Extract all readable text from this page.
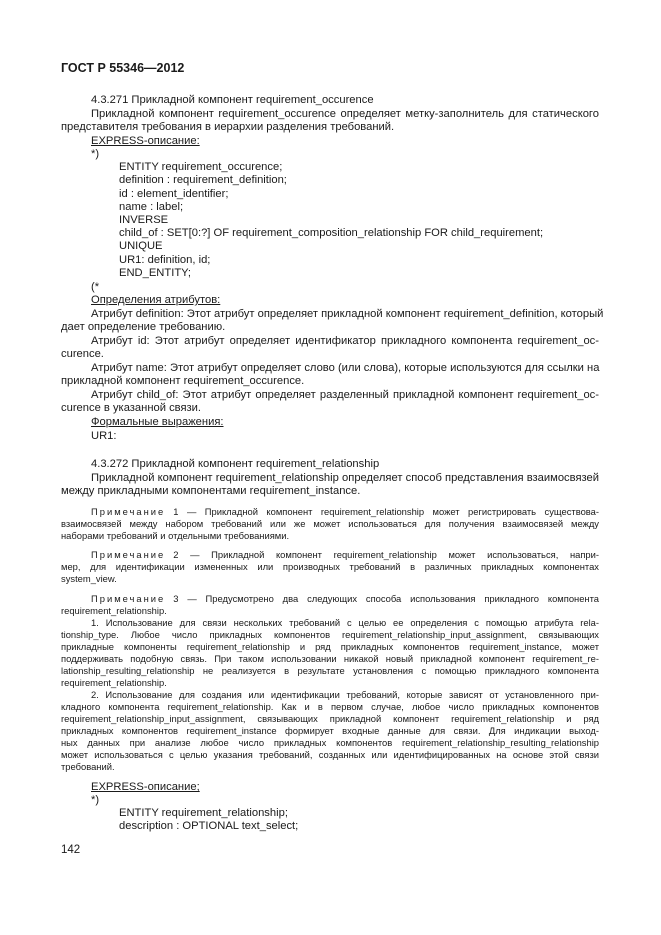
ГОСТ Р 55346—2012
4.3.271 Прикладной компонент requirement_occurence
Прикладной компонент requirement_occurence определяет метку-заполнитель для статического
представителя требования в иерархии разделения требований.
EXPRESS-описание:
*)
ENTITY requirement_occurence;
definition : requirement_definition;
id : element_identifier;
name : label;
INVERSE
child_of : SET[0:?] OF requirement_composition_relationship FOR child_requirement;
UNIQUE
UR1: definition, id;
END_ENTITY;
(*
Определения атрибутов:
Атрибут definition: Этот атрибут определяет прикладной компонент requirement_definition, который
дает определение требованию.
Атрибут id: Этот атрибут определяет идентификатор прикладного компонента requirement_oc-
curence.
Атрибут name: Этот атрибут определяет слово (или слова), которые используются для ссылки на
прикладной компонент requirement_occurence.
Атрибут child_of: Этот атрибут определяет разделенный прикладной компонент requirement_oc-
curence в указанной связи.
Формальные выражения:
UR1:
4.3.272 Прикладной компонент requirement_relationship
Прикладной компонент requirement_relationship определяет способ представления взаимосвязей
между прикладными компонентами requirement_instance.
Примечание 1 — Прикладной компонент requirement_relationship может регистрировать существова-
взаимосвязей между набором требований или же может использоваться для получения взаимосвязей между
наборами требований и отдельными требованиями.
Примечание 2 — Прикладной компонент requirement_relationship может использоваться, напри-
мер, для идентификации измененных или производных требований в различных прикладных компонентах
system_view.
Примечание 3 — Предусмотрено два следующих способа использования прикладного компонента
requirement_relationship.
1. Использование для связи нескольких требований с целью ее определения с помощью атрибута rela-
tionship_type. Любое число прикладных компонентов requirement_relationship_input_assignment, связывающих
прикладные компоненты requirement_relationship и ряд прикладных компонентов requirement_instance, может
поддерживать подобную связь. При таком использовании никакой новый прикладной компонент requirement_re-
lationship_resulting_relationship не реализуется в результате установления с помощью прикладного компонента
requirement_relationship.
2. Использование для создания или идентификации требований, которые зависят от установленного при-
кладного компонента requirement_relationship. Как и в первом случае, любое число прикладных компонентов
requirement_relationship_input_assignment, связывающих прикладной компонент requirement_relationship и ряд
прикладных компонентов requirement_instance формирует входные данные для связи. Для индикации выход-
ных данных при анализе любое число прикладных компонентов requirement_relationship_resulting_relationship
может использоваться с целью указания требований, созданных или идентифицированных на основе этой связи
требований.
EXPRESS-описание;
*)
ENTITY requirement_relationship;
description : OPTIONAL text_select;
142
